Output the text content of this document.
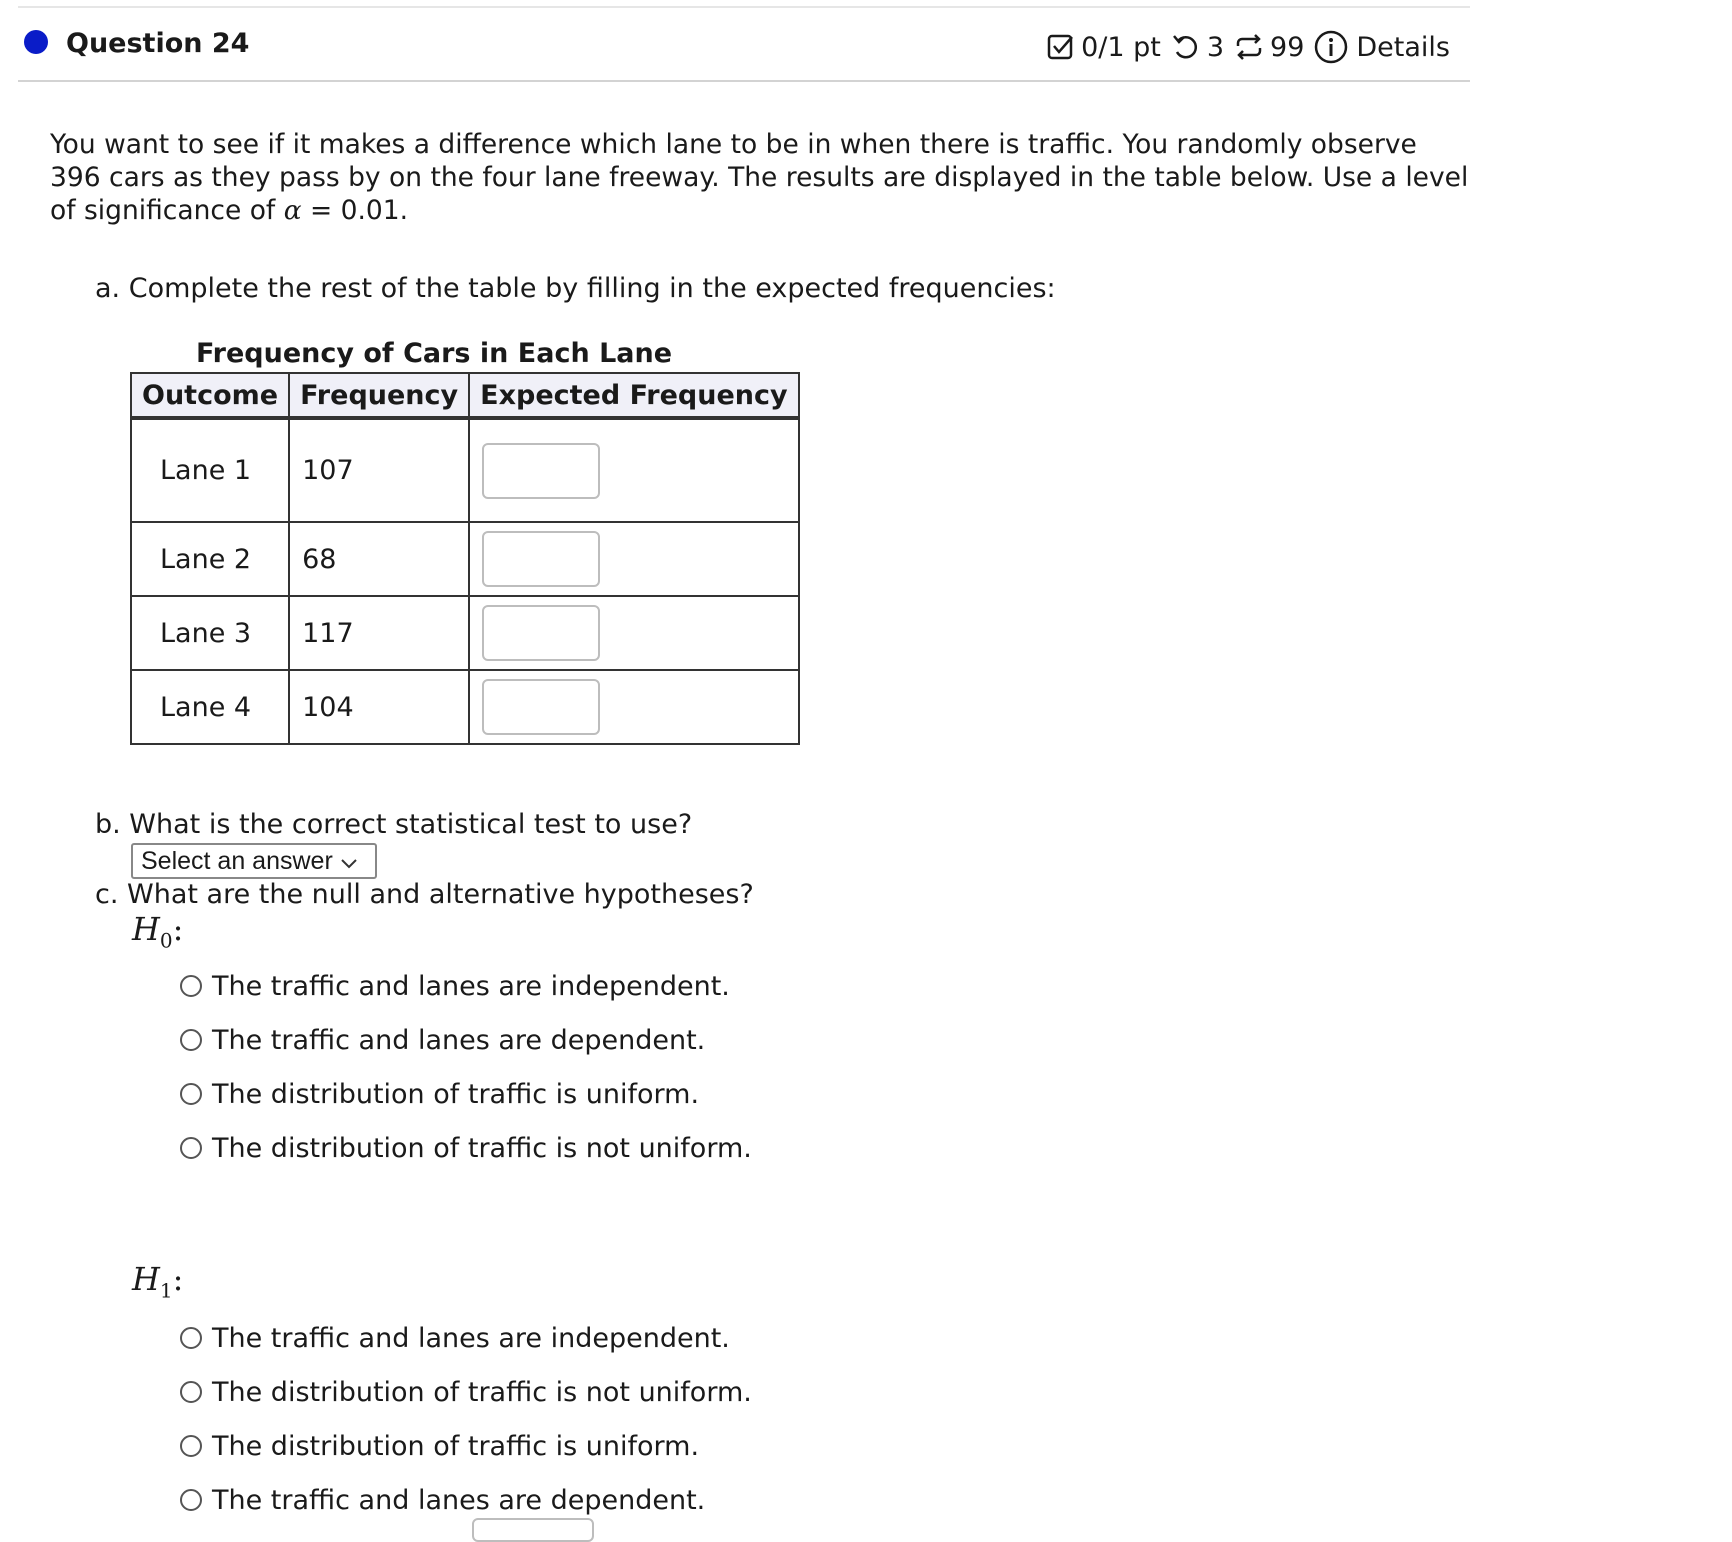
Question 24	0/1 pt 3 99 Details
You want to see if it makes a difference which lane to be in when there is traffic. You randomly observe 396 cars as they pass by on the four lane freeway. The results are displayed in the table below. Use a level of significance of α = 0.01.
a. Complete the rest of the table by filling in the expected frequencies:
Frequency of Cars in Each Lane
Outcome	Frequency	Expected Frequency
Lane 1	107	
Lane 2	68	
Lane 3	117	
Lane 4	104	
b. What is the correct statistical test to use?
Select an answer
c. What are the null and alternative hypotheses?
$H_0$:
The traffic and lanes are independent.
The traffic and lanes are dependent.
The distribution of traffic is uniform.
The distribution of traffic is not uniform.
$H_1$:
The traffic and lanes are independent.
The distribution of traffic is not uniform.
The distribution of traffic is uniform.
The traffic and lanes are dependent.
